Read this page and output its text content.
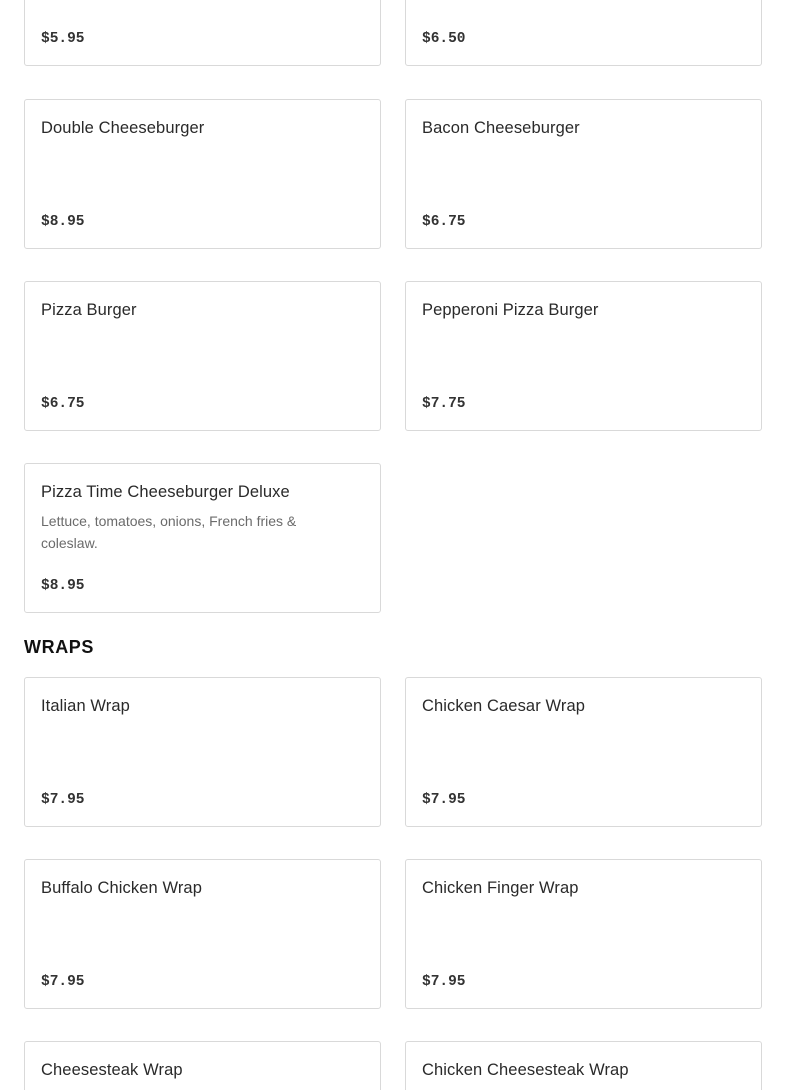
$5.95	$6.50
Double Cheeseburger
$8.95
Bacon Cheeseburger
$6.75
Pizza Burger
$6.75
Pepperoni Pizza Burger
$7.75
Pizza Time Cheeseburger Deluxe
Lettuce, tomatoes, onions, French fries & coleslaw.
$8.95
WRAPS
Italian Wrap
$7.95
Chicken Caesar Wrap
$7.95
Buffalo Chicken Wrap
$7.95
Chicken Finger Wrap
$7.95
Cheesesteak Wrap	Chicken Cheesesteak Wrap
